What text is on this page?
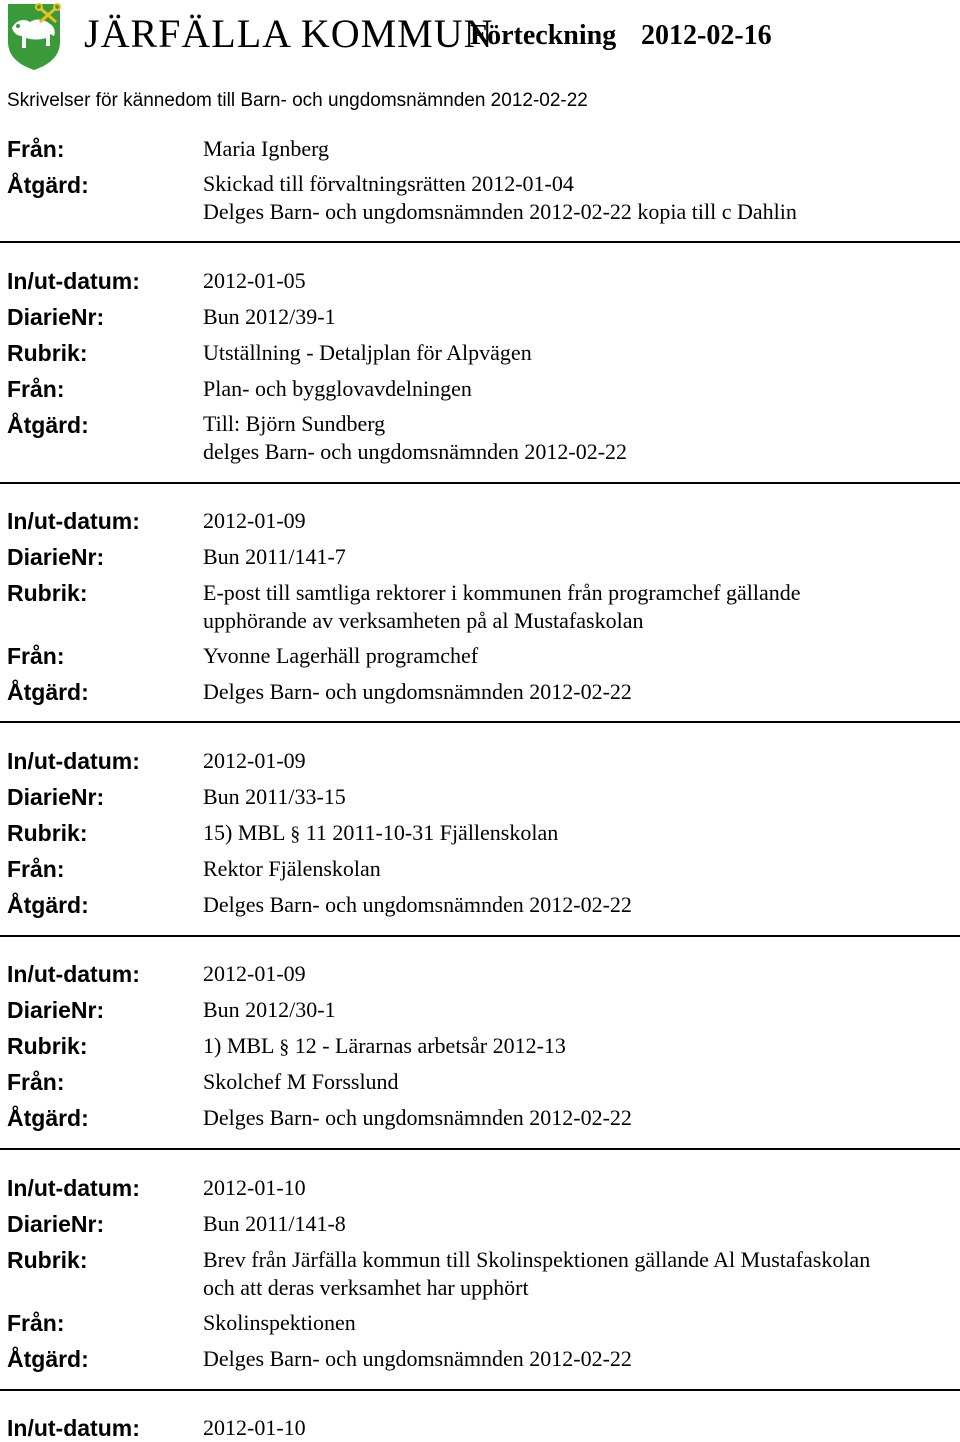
JÄRFÄLLA KOMMUN
Förteckning 2012-02-16
Skrivelser för kännedom till Barn- och ungdomsnämnden 2012-02-22
Från:	Maria Ignberg
Åtgärd:	Skickad till förvaltningsrätten 2012-01-04
Delges Barn- och ungdomsnämnden 2012-02-22 kopia till c Dahlin
In/ut-datum:	2012-01-05
DiarieNr:	Bun 2012/39-1
Rubrik:	Utställning - Detaljplan för Alpvägen
Från:	Plan- och bygglovavdelningen
Åtgärd:	Till: Björn Sundberg
delges Barn- och ungdomsnämnden 2012-02-22
In/ut-datum:	2012-01-09
DiarieNr:	Bun 2011/141-7
Rubrik:	E-post till samtliga rektorer i kommunen från programchef gällande
upphörande av verksamheten på al Mustafaskolan
Från:	Yvonne Lagerhäll programchef
Åtgärd:	Delges Barn- och ungdomsnämnden 2012-02-22
In/ut-datum:	2012-01-09
DiarieNr:	Bun 2011/33-15
Rubrik:	15) MBL § 11 2011-10-31 Fjällenskolan
Från:	Rektor Fjälenskolan
Åtgärd:	Delges Barn- och ungdomsnämnden 2012-02-22
In/ut-datum:	2012-01-09
DiarieNr:	Bun 2012/30-1
Rubrik:	1) MBL § 12 - Lärarnas arbetsår 2012-13
Från:	Skolchef M Forsslund
Åtgärd:	Delges Barn- och ungdomsnämnden 2012-02-22
In/ut-datum:	2012-01-10
DiarieNr:	Bun 2011/141-8
Rubrik:	Brev från Järfälla kommun till Skolinspektionen gällande Al Mustafaskolan
och att deras verksamhet har upphört
Från:	Skolinspektionen
Åtgärd:	Delges Barn- och ungdomsnämnden 2012-02-22
In/ut-datum:	2012-01-10
